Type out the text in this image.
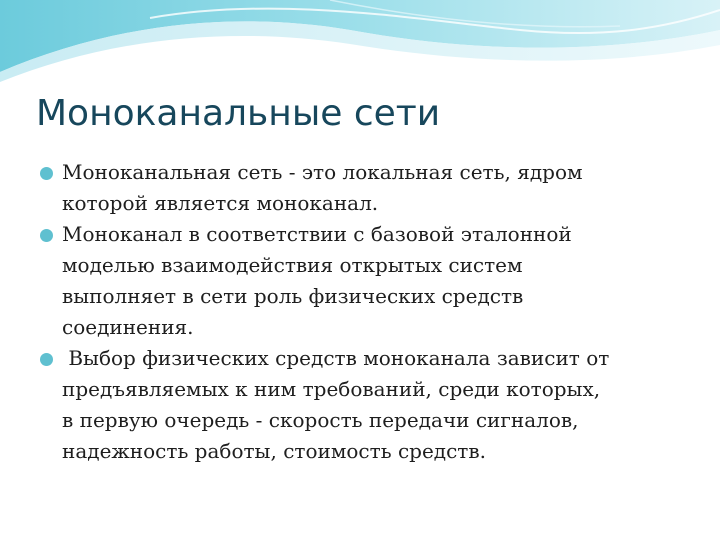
Моноканальные сети
Моноканальная сеть - это локальная сеть, ядром
которой является моноканал.
Моноканал в соответствии с базовой эталонной
моделью взаимодействия открытых систем
выполняет в сети роль физических средств
соединения.
Выбор физических средств моноканала зависит от
предъявляемых к ним требований, среди которых,
в первую очередь - скорость передачи сигналов,
надежность работы, стоимость средств.
